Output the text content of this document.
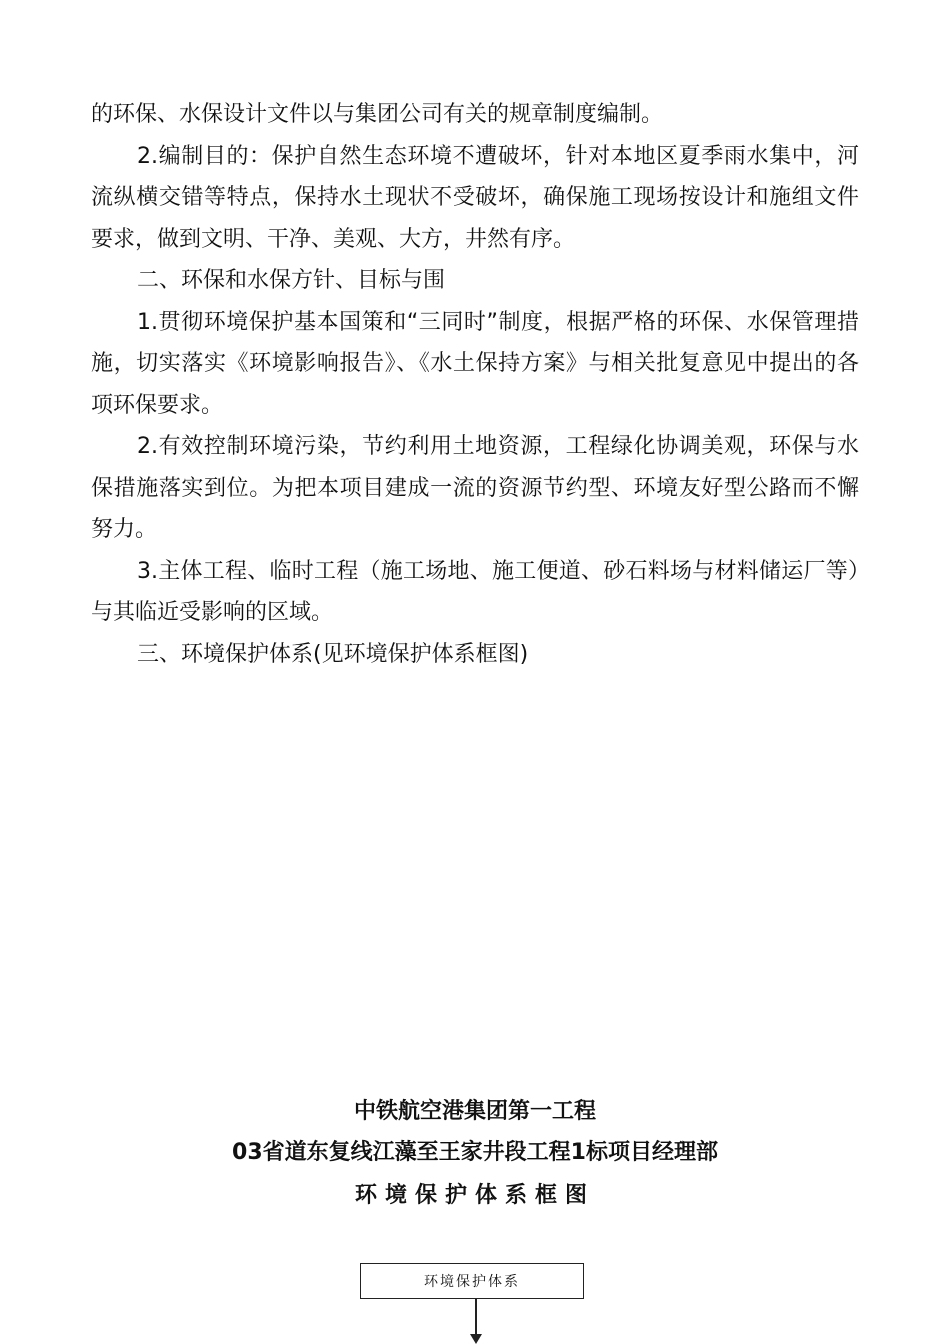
的环保、水保设计文件以与集团公司有关的规章制度编制。

2.编制目的：保护自然生态环境不遭破坏，针对本地区夏季雨水集中，河流纵横交错等特点，保持水土现状不受破坏，确保施工现场按设计和施组文件要求，做到文明、干净、美观、大方，井然有序。

二、环保和水保方针、目标与围

1.贯彻环境保护基本国策和“三同时”制度，根据严格的环保、水保管理措施，切实落实《环境影响报告》、《水土保持方案》与相关批复意见中提出的各项环保要求。

2.有效控制环境污染，节约利用土地资源，工程绿化协调美观，环保与水保措施落实到位。为把本项目建成一流的资源节约型、环境友好型公路而不懈努力。

3.主体工程、临时工程（施工场地、施工便道、砂石料场与材料储运厂等）与其临近受影响的区域。

三、环境保护体系(见环境保护体系框图)

中铁航空港集团第一工程
03省道东复线江藻至王家井段工程1标项目经理部
环境保护体系框图
环境保护体系
